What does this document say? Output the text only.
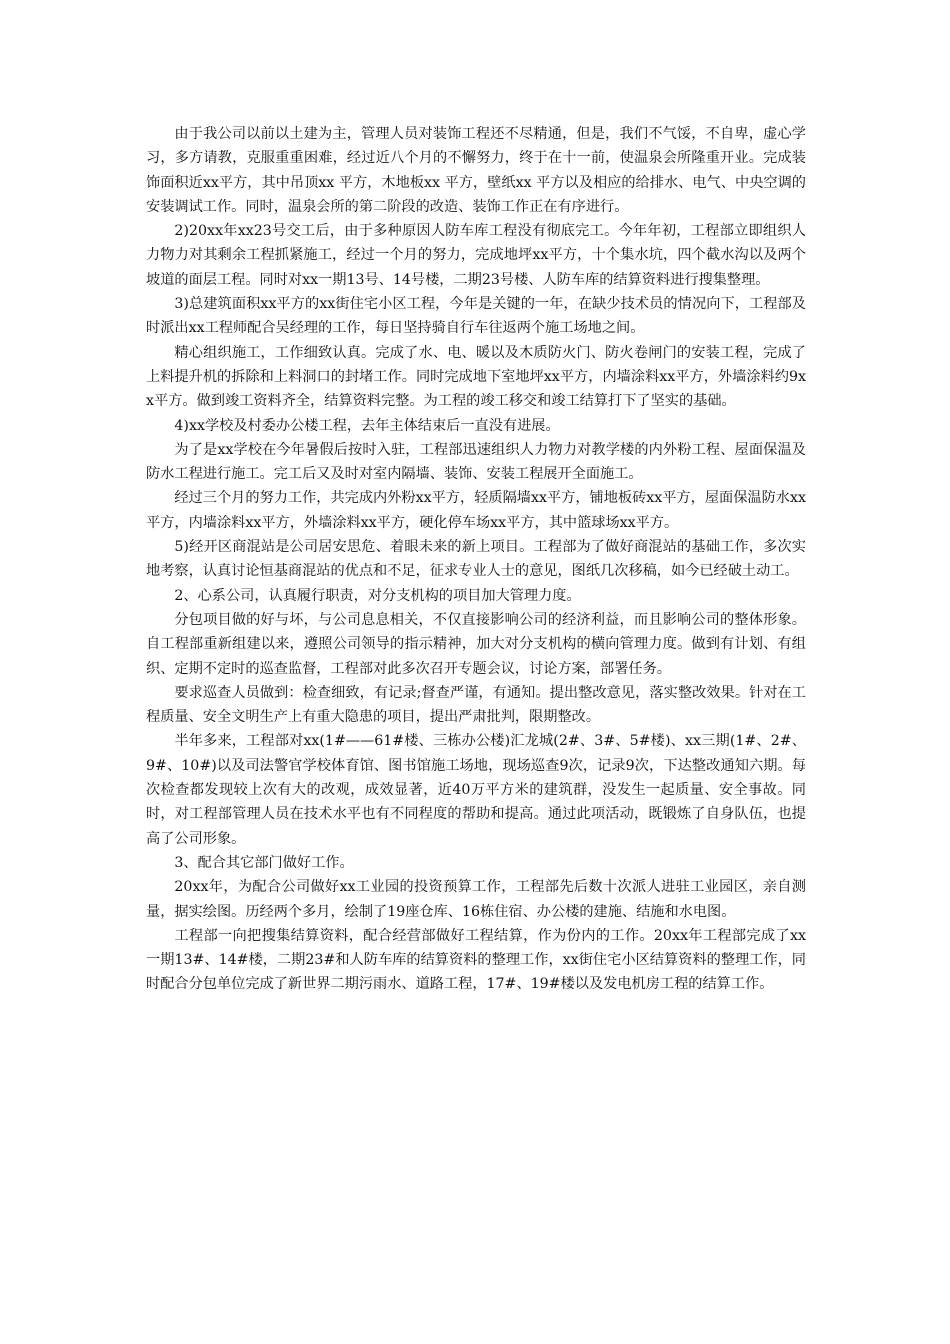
由于我公司以前以土建为主，管理人员对装饰工程还不尽精通，但是，我们不气馁，不自卑，虚心学习，多方请教，克服重重困难，经过近八个月的不懈努力，终于在十一前，使温泉会所隆重开业。完成装饰面积近xx平方，其中吊顶xx 平方，木地板xx 平方，壁纸xx 平方以及相应的给排水、电气、中央空调的安装调试工作。同时，温泉会所的第二阶段的改造、装饰工作正在有序进行。

2)20xx年xx23号交工后，由于多种原因人防车库工程没有彻底完工。今年年初，工程部立即组织人力物力对其剩余工程抓紧施工，经过一个月的努力，完成地坪xx平方，十个集水坑，四个截水沟以及两个坡道的面层工程。同时对xx一期13号、14号楼，二期23号楼、人防车库的结算资料进行搜集整理。

3)总建筑面积xx平方的xx街住宅小区工程，今年是关键的一年，在缺少技术员的情况向下，工程部及时派出xx工程师配合吴经理的工作，每日坚持骑自行车往返两个施工场地之间。

精心组织施工，工作细致认真。完成了水、电、暖以及木质防火门、防火卷闸门的安装工程，完成了上料提升机的拆除和上料洞口的封堵工作。同时完成地下室地坪xx平方，内墙涂料xx平方，外墙涂料约9xx平方。做到竣工资料齐全，结算资料完整。为工程的竣工移交和竣工结算打下了坚实的基础。

4)xx学校及村委办公楼工程，去年主体结束后一直没有进展。

为了是xx学校在今年暑假后按时入驻，工程部迅速组织人力物力对教学楼的内外粉工程、屋面保温及防水工程进行施工。完工后又及时对室内隔墙、装饰、安装工程展开全面施工。

经过三个月的努力工作，共完成内外粉xx平方，轻质隔墙xx平方，铺地板砖xx平方，屋面保温防水xx平方，内墙涂料xx平方，外墙涂料xx平方，硬化停车场xx平方，其中篮球场xx平方。

5)经开区商混站是公司居安思危、着眼未来的新上项目。工程部为了做好商混站的基础工作，多次实地考察，认真讨论恒基商混站的优点和不足，征求专业人士的意见，图纸几次移稿，如今已经破土动工。

2、心系公司，认真履行职责，对分支机构的项目加大管理力度。

分包项目做的好与坏，与公司息息相关，不仅直接影响公司的经济利益，而且影响公司的整体形象。自工程部重新组建以来，遵照公司领导的指示精神，加大对分支机构的横向管理力度。做到有计划、有组织、定期不定时的巡查监督，工程部对此多次召开专题会议，讨论方案，部署任务。

要求巡查人员做到：检查细致，有记录;督查严谨，有通知。提出整改意见，落实整改效果。针对在工程质量、安全文明生产上有重大隐患的项目，提出严肃批判，限期整改。

半年多来，工程部对xx(1#——61#楼、三栋办公楼)汇龙城(2#、3#、5#楼)、xx三期(1#、2#、9#、10#)以及司法警官学校体育馆、图书馆施工场地，现场巡查9次，记录9次，下达整改通知六期。每次检查都发现较上次有大的改观，成效显著，近40万平方米的建筑群，没发生一起质量、安全事故。同时，对工程部管理人员在技术水平也有不同程度的帮助和提高。通过此项活动，既锻炼了自身队伍，也提高了公司形象。

3、配合其它部门做好工作。

20xx年，为配合公司做好xx工业园的投资预算工作，工程部先后数十次派人进驻工业园区，亲自测量，据实绘图。历经两个多月，绘制了19座仓库、16栋住宿、办公楼的建施、结施和水电图。

工程部一向把搜集结算资料，配合经营部做好工程结算，作为份内的工作。20xx年工程部完成了xx一期13#、14#楼，二期23#和人防车库的结算资料的整理工作，xx街住宅小区结算资料的整理工作，同时配合分包单位完成了新世界二期污雨水、道路工程，17#、19#楼以及发电机房工程的结算工作。
